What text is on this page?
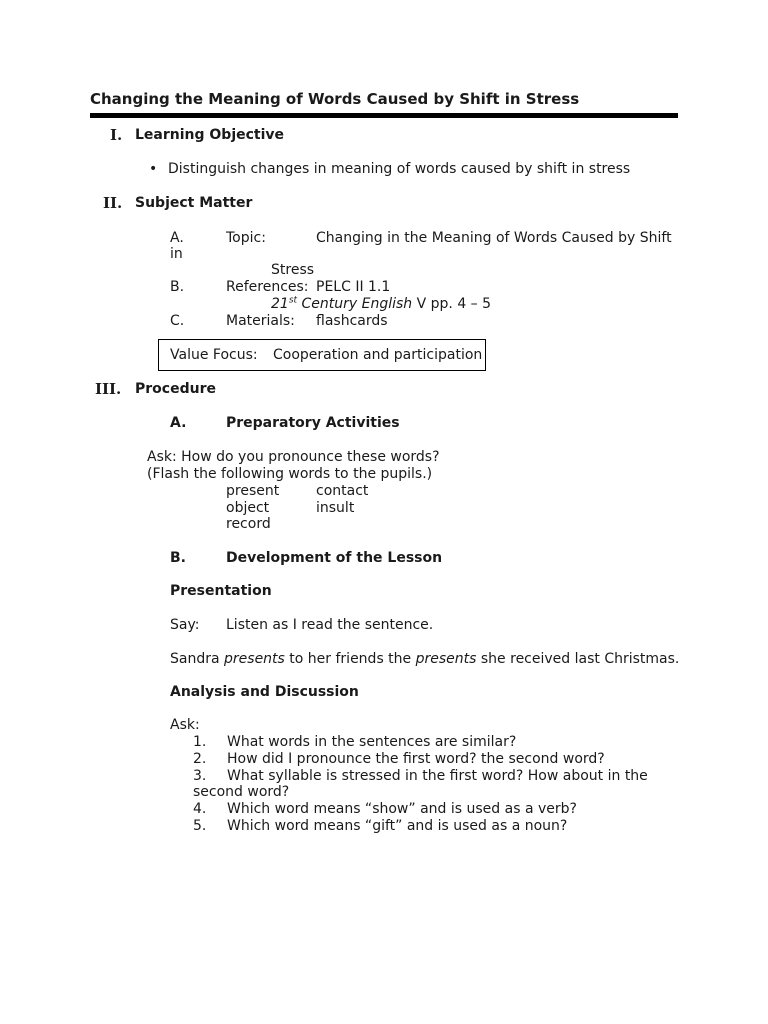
Changing the Meaning of Words Caused by Shift in Stress
I. Learning Objective
• Distinguish changes in meaning of words caused by shift in stress
II. Subject Matter
A.	Topic:	Changing in the Meaning of Words Caused by Shift
in
Stress
B.	References: PELC II 1.1
21st Century English V pp. 4 – 5
C.	Materials: flashcards
Value Focus: Cooperation and participation
III. Procedure
A.	Preparatory Activities
Ask: How do you pronounce these words?
(Flash the following words to the pupils.)
present	contact
object	insult
record
B.	Development of the Lesson
Presentation
Say: Listen as I read the sentence.
Sandra presents to her friends the presents she received last Christmas.
Analysis and Discussion
Ask:
1. What words in the sentences are similar?
2. How did I pronounce the first word? the second word?
3. What syllable is stressed in the first word? How about in the
second word?
4. Which word means “show” and is used as a verb?
5. Which word means “gift” and is used as a noun?
